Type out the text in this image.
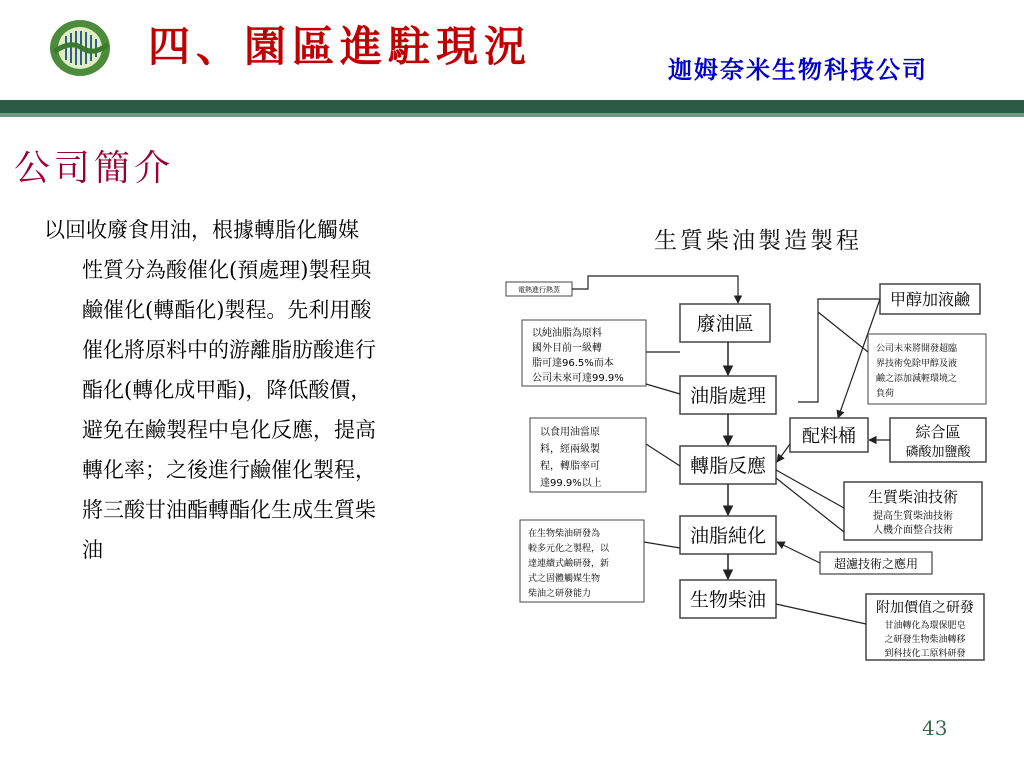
四、園區進駐現況	迦姆奈米生物科技公司
公司簡介
以回收廢食用油，根據轉脂化觸媒
性質分為酸催化(預處理)製程與
鹼催化(轉酯化)製程。先利用酸
催化將原料中的游離脂肪酸進行
酯化(轉化成甲酯)，降低酸價，
避免在鹼製程中皂化反應，提高
轉化率；之後進行鹼催化製程，
將三酸甘油酯轉酯化生成生質柴
油
生質柴油製造製程
廢油區
油脂處理
轉脂反應
油脂純化
生物柴油
電熱進行熱蒸
以純油脂為原料
國外目前一級轉
脂可達96.5%而本
公司未來可達99.9%
以食用油當原
料，經兩級製
程，轉脂率可
達99.9%以上
在生物柴油研發為
較多元化之製程，以
達連續式鹼研發，新
式之固體觸媒生物
柴油之研發能力
甲醇加液鹼
公司未來將開發超臨
界技術免除甲醇及液
鹼之添加減輕環境之
負荷
配料桶	綜合區
磷酸加鹽酸
生質柴油技術
提高生質柴油技術
人機介面整合技術
超濾技術之應用
附加價值之研發
甘油轉化為環保肥皂
之研發生物柴油轉移
到科技化工原料研發
43
